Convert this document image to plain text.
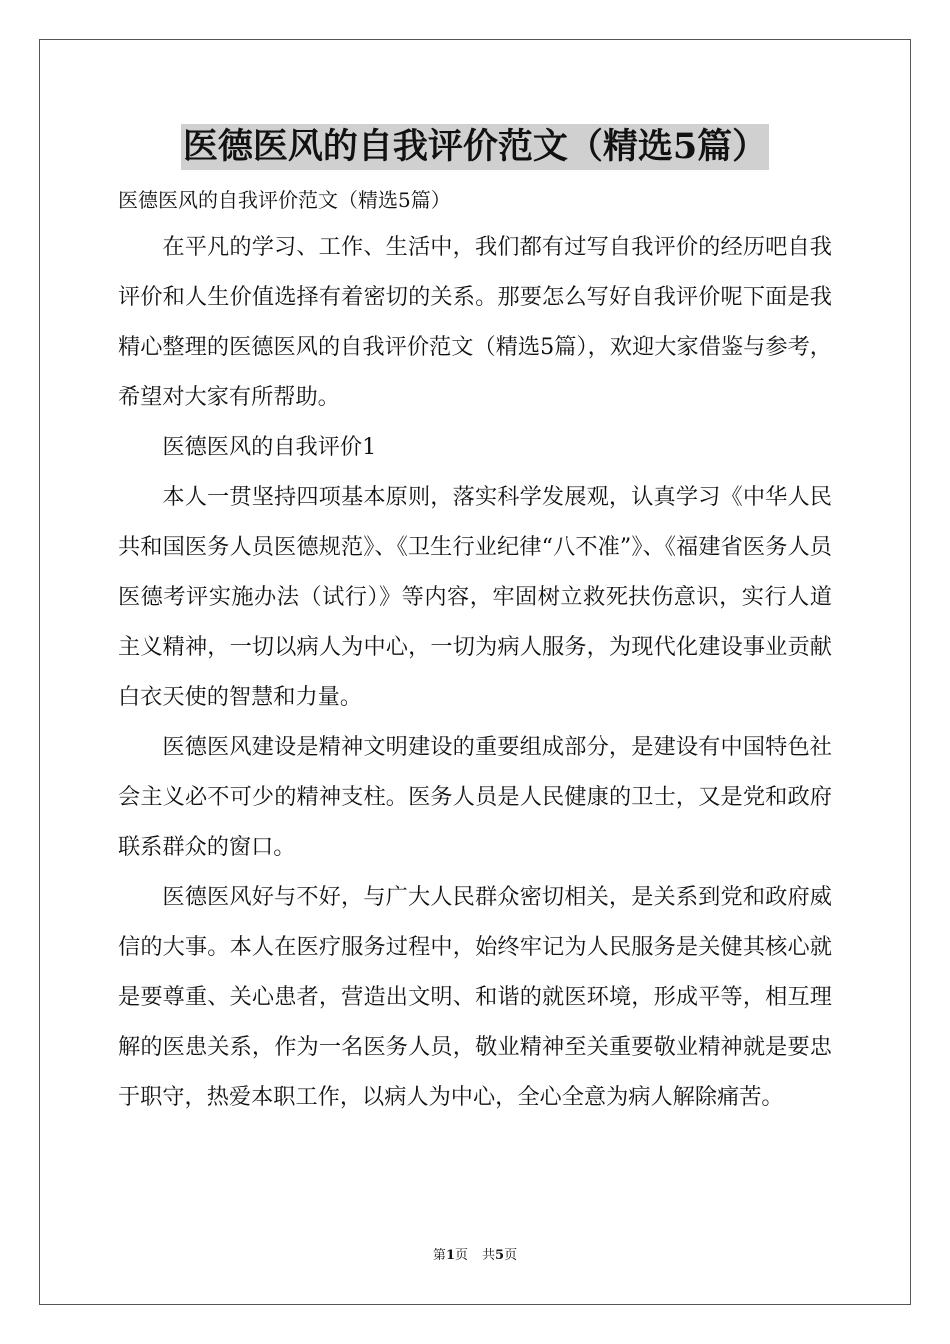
医德医风的自我评价范文（精选5篇）

医德医风的自我评价范文（精选5篇）

在平凡的学习、工作、生活中，我们都有过写自我评价的经历吧自我评价和人生价值选择有着密切的关系。那要怎么写好自我评价呢下面是我精心整理的医德医风的自我评价范文（精选5篇），欢迎大家借鉴与参考，希望对大家有所帮助。

医德医风的自我评价1

本人一贯坚持四项基本原则，落实科学发展观，认真学习《中华人民共和国医务人员医德规范》、《卫生行业纪律“八不准”》、《福建省医务人员医德考评实施办法（试行）》等内容，牢固树立救死扶伤意识，实行人道主义精神，一切以病人为中心，一切为病人服务，为现代化建设事业贡献白衣天使的智慧和力量。

医德医风建设是精神文明建设的重要组成部分，是建设有中国特色社会主义必不可少的精神支柱。医务人员是人民健康的卫士，又是党和政府联系群众的窗口。

医德医风好与不好，与广大人民群众密切相关，是关系到党和政府威信的大事。本人在医疗服务过程中，始终牢记为人民服务是关健其核心就是要尊重、关心患者，营造出文明、和谐的就医环境，形成平等，相互理解的医患关系，作为一名医务人员，敬业精神至关重要敬业精神就是要忠于职守，热爱本职工作，以病人为中心，全心全意为病人解除痛苦。

第1页 共5页
